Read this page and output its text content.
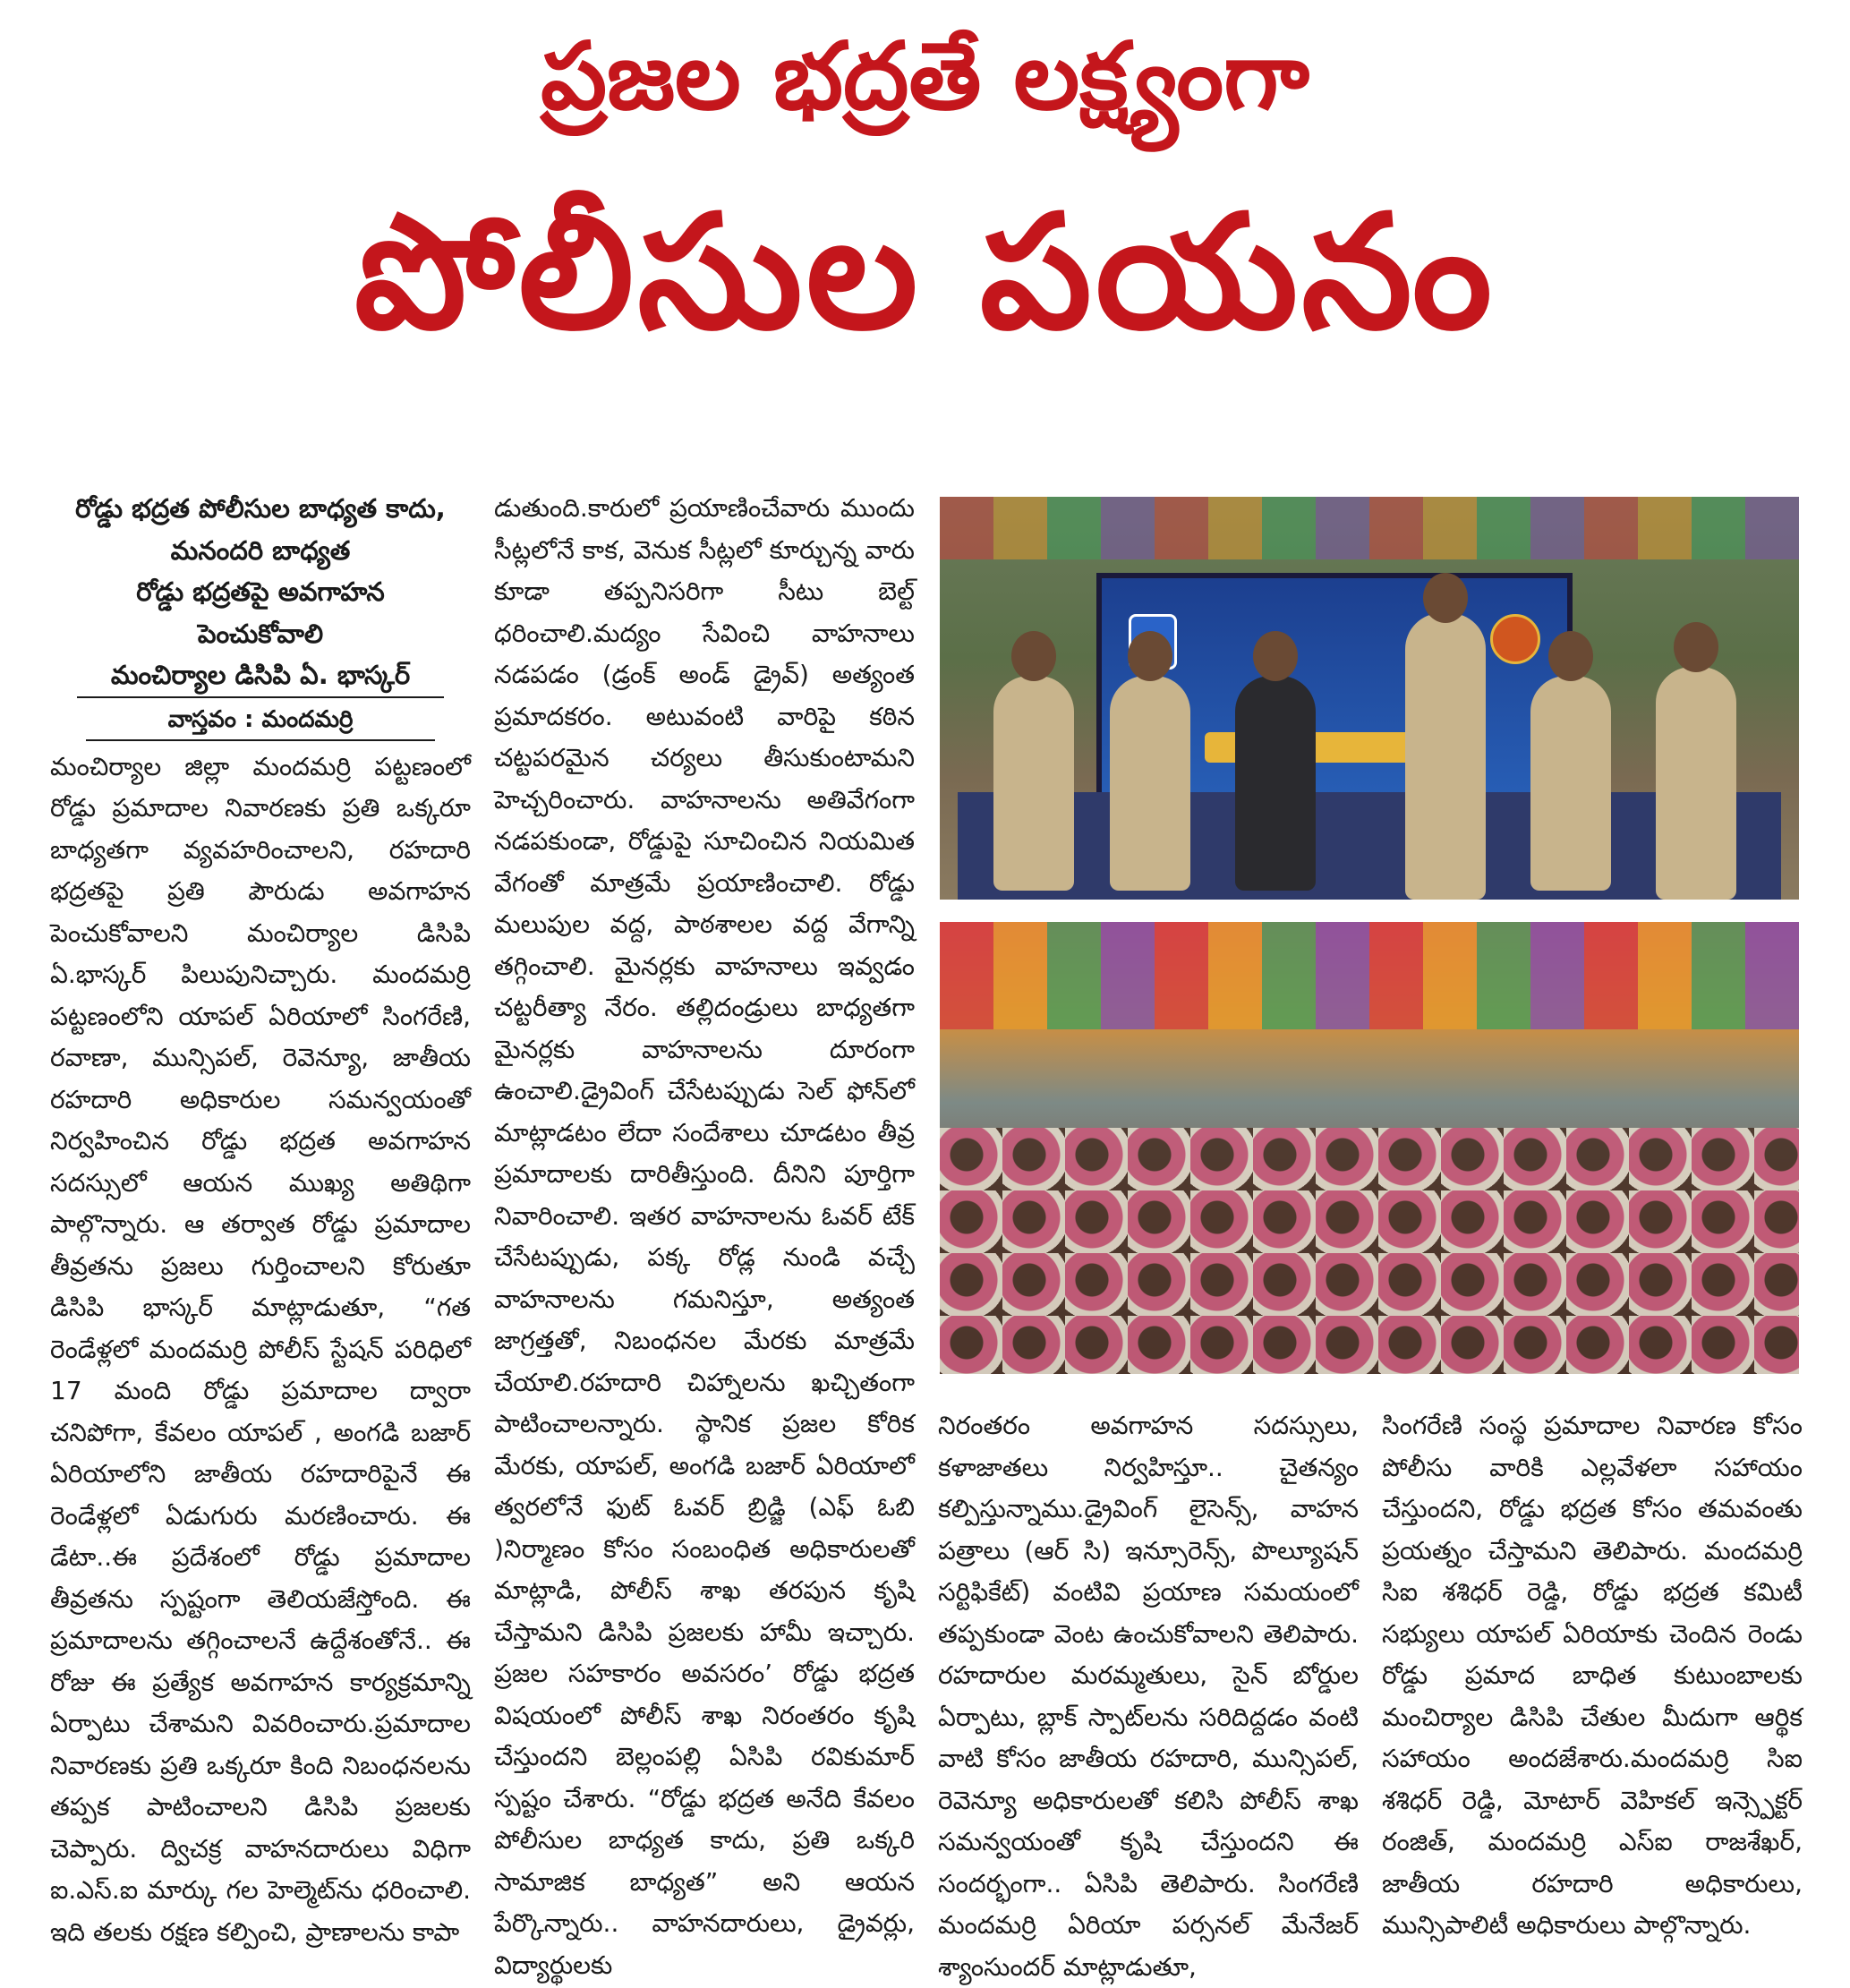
ప్రజల భద్రతే లక్ష్యంగా
పోలీసుల పయనం

రోడ్డు భద్రత పోలీసుల బాధ్యత కాదు,

మనందరి బాధ్యత

రోడ్డు భద్రతపై అవగాహన

పెంచుకోవాలి

మంచిర్యాల డిసిపి ఏ. భాస్కర్

వాస్తవం : మందమర్రి

మంచిర్యాల జిల్లా మందమర్రి పట్టణంలో రోడ్డు ప్రమాదాల నివారణకు ప్రతి ఒక్కరూ బాధ్యతగా వ్యవహరించాలని, రహదారి భద్రతపై ప్రతి పౌరుడు అవగాహన పెంచుకోవాలని మంచిర్యాల డిసిపి ఏ.భాస్కర్ పిలుపునిచ్చారు. మందమర్రి పట్టణంలోని యాపల్ ఏరియాలో సింగరేణి, రవాణా, మున్సిపల్, రెవెన్యూ, జాతీయ రహదారి అధికారుల సమన్వయంతో నిర్వహించిన రోడ్డు భద్రత అవగాహన సదస్సులో ఆయన ముఖ్య అతిథిగా పాల్గొన్నారు. ఆ తర్వాత రోడ్డు ప్రమాదాల తీవ్రతను ప్రజలు గుర్తించాలని కోరుతూ డిసిపి భాస్కర్ మాట్లాడుతూ, “గత రెండేళ్లలో మందమర్రి పోలీస్ స్టేషన్ పరిధిలో 17 మంది రోడ్డు ప్రమాదాల ద్వారా చనిపోగా, కేవలం యాపల్ , అంగడి బజార్ ఏరియాలోని జాతీయ రహదారిపైనే ఈ రెండేళ్లలో ఏడుగురు మరణించారు. ఈ డేటా..ఈ ప్రదేశంలో రోడ్డు ప్రమాదాల తీవ్రతను స్పష్టంగా తెలియజేస్తోంది. ఈ ప్రమాదాలను తగ్గించాలనే ఉద్దేశంతోనే.. ఈ రోజు ఈ ప్రత్యేక అవగాహన కార్యక్రమాన్ని ఏర్పాటు చేశామని వివరించారు.ప్రమాదాల నివారణకు ప్రతి ఒక్కరూ కింది నిబంధనలను తప్పక పాటించాలని డిసిపి ప్రజలకు చెప్పారు. ద్విచక్ర వాహనదారులు విధిగా ఐ.ఎస్.ఐ మార్కు గల హెల్మెట్‌ను ధరించాలి. ఇది తలకు రక్షణ కల్పించి, ప్రాణాలను కాపా

డుతుంది.కారులో ప్రయాణించేవారు ముందు సీట్లలోనే కాక, వెనుక సీట్లలో కూర్చున్న వారు కూడా తప్పనిసరిగా సీటు బెల్ట్ ధరించాలి.మద్యం సేవించి వాహనాలు నడపడం (డ్రంక్ అండ్ డ్రైవ్) అత్యంత ప్రమాదకరం. అటువంటి వారిపై కఠిన చట్టపరమైన చర్యలు తీసుకుంటామని హెచ్చరించారు. వాహనాలను అతివేగంగా నడపకుండా, రోడ్డుపై సూచించిన నియమిత వేగంతో మాత్రమే ప్రయాణించాలి. రోడ్డు మలుపుల వద్ద, పాఠశాలల వద్ద వేగాన్ని తగ్గించాలి. మైనర్లకు వాహనాలు ఇవ్వడం చట్టరీత్యా నేరం. తల్లిదండ్రులు బాధ్యతగా మైనర్లకు వాహనాలను దూరంగా ఉంచాలి.డ్రైవింగ్ చేసేటప్పుడు సెల్ ఫోన్‌లో మాట్లాడటం లేదా సందేశాలు చూడటం తీవ్ర ప్రమాదాలకు దారితీస్తుంది. దీనిని పూర్తిగా నివారించాలి. ఇతర వాహనాలను ఓవర్ టేక్ చేసేటప్పుడు, పక్క రోడ్ల నుండి వచ్చే వాహనాలను గమనిస్తూ, అత్యంత జాగ్రత్తతో, నిబంధనల మేరకు మాత్రమే చేయాలి.రహదారి చిహ్నాలను ఖచ్చితంగా పాటించాలన్నారు. స్థానిక ప్రజల కోరిక మేరకు, యాపల్, అంగడి బజార్ ఏరియాలో త్వరలోనే ఫుట్ ఓవర్ బ్రిడ్జి (ఎఫ్ ఓబి )నిర్మాణం కోసం సంబంధిత అధికారులతో మాట్లాడి, పోలీస్ శాఖ తరపున కృషి చేస్తామని డిసిపి ప్రజలకు హామీ ఇచ్చారు. ప్రజల సహకారం అవసరం’ రోడ్డు భద్రత విషయంలో పోలీస్ శాఖ నిరంతరం కృషి చేస్తుందని బెల్లంపల్లి ఏసిపి రవికుమార్ స్పష్టం చేశారు. “రోడ్డు భద్రత అనేది కేవలం పోలీసుల బాధ్యత కాదు, ప్రతి ఒక్కరి సామాజిక బాధ్యత” అని ఆయన పేర్కొన్నారు.. వాహనదారులు, డ్రైవర్లు, విద్యార్థులకు

నిరంతరం అవగాహన సదస్సులు, కళాజాతలు నిర్వహిస్తూ.. చైతన్యం కల్పిస్తున్నాము.డ్రైవింగ్ లైసెన్స్, వాహన పత్రాలు (ఆర్ సి) ఇన్సూరెన్స్, పొల్యూషన్ సర్టిఫికేట్) వంటివి ప్రయాణ సమయంలో తప్పకుండా వెంట ఉంచుకోవాలని తెలిపారు. రహదారుల మరమ్మతులు, సైన్ బోర్డుల ఏర్పాటు, బ్లాక్ స్పాట్‌లను సరిదిద్దడం వంటి వాటి కోసం జాతీయ రహదారి, మున్సిపల్, రెవెన్యూ అధికారులతో కలిసి పోలీస్ శాఖ సమన్వయంతో కృషి చేస్తుందని ఈ సందర్భంగా.. ఏసిపి తెలిపారు. సింగరేణి మందమర్రి ఏరియా పర్సనల్ మేనేజర్ శ్యాంసుందర్ మాట్లాడుతూ,

సింగరేణి సంస్థ ప్రమాదాల నివారణ కోసం పోలీసు వారికి ఎల్లవేళలా సహాయం చేస్తుందని, రోడ్డు భద్రత కోసం తమవంతు ప్రయత్నం చేస్తామని తెలిపారు. మందమర్రి సిఐ శశిధర్ రెడ్డి, రోడ్డు భద్రత కమిటీ సభ్యులు యాపల్ ఏరియాకు చెందిన రెండు రోడ్డు ప్రమాద బాధిత కుటుంబాలకు మంచిర్యాల డిసిపి చేతుల మీదుగా ఆర్థిక సహాయం అందజేశారు.మందమర్రి సిఐ శశిధర్ రెడ్డి, మోటార్ వెహికల్ ఇన్స్పెక్టర్ రంజిత్, మందమర్రి ఎస్ఐ రాజశేఖర్, జాతీయ రహదారి అధికారులు, మున్సిపాలిటీ అధికారులు పాల్గొన్నారు.
